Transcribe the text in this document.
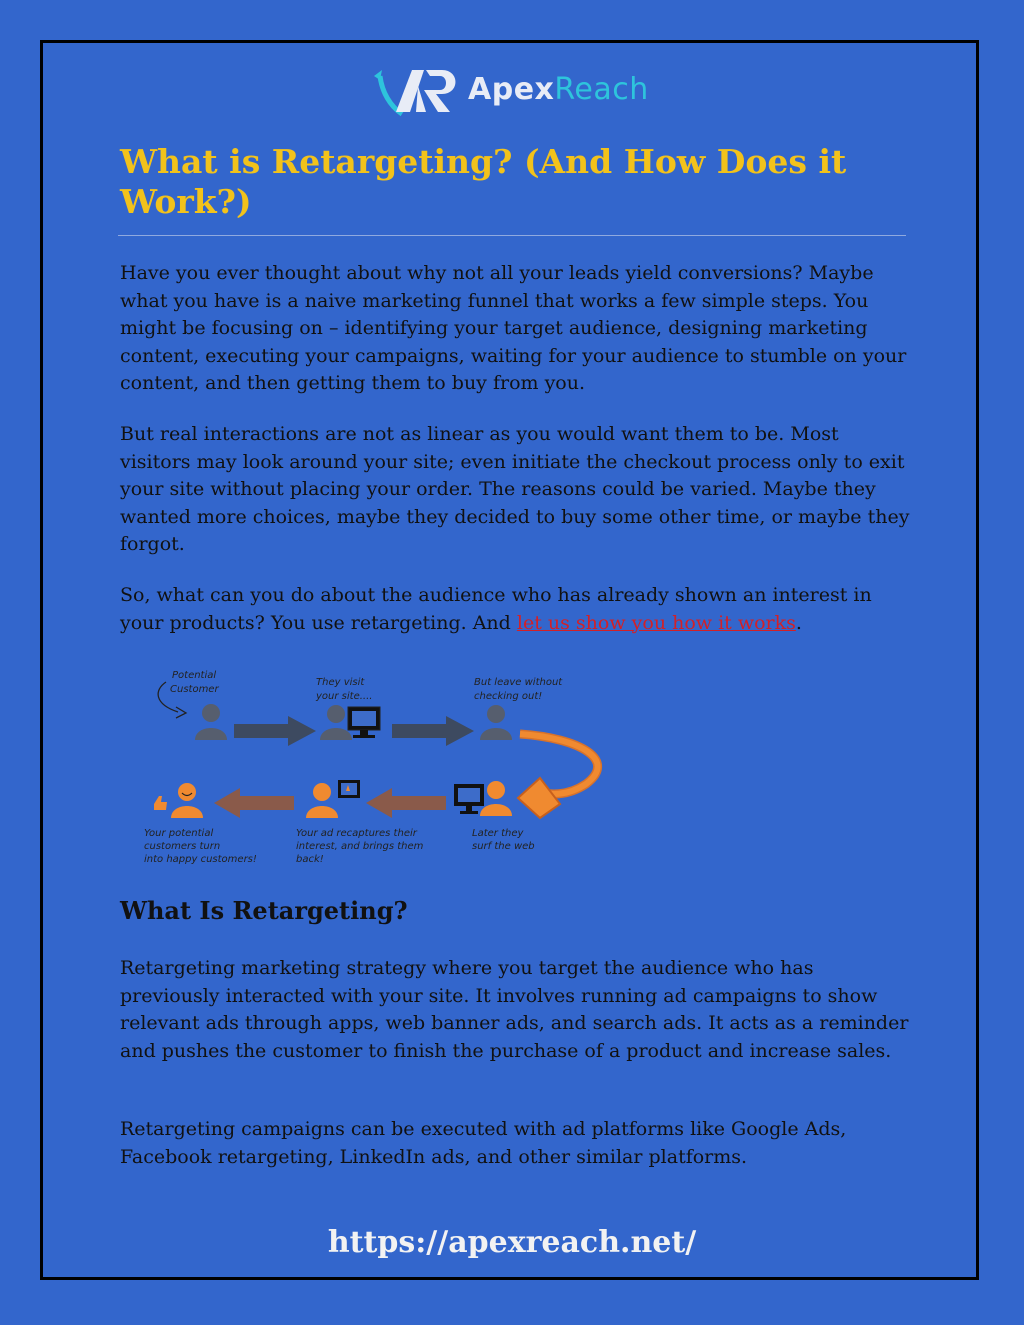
ApexReach
What is Retargeting? (And How Does it Work?)

Have you ever thought about why not all your leads yield conversions? Maybe what you have is a naive marketing funnel that works a few simple steps. You might be focusing on – identifying your target audience, designing marketing content, executing your campaigns, waiting for your audience to stumble on your content, and then getting them to buy from you.

But real interactions are not as linear as you would want them to be. Most visitors may look around your site; even initiate the checkout process only to exit your site without placing your order. The reasons could be varied. Maybe they wanted more choices, maybe they decided to buy some other time, or maybe they forgot.

So, what can you do about the audience who has already shown an interest in your products? You use retargeting. And let us show you how it works.

Potential
Customer
They visit
your site....
But leave without
checking out!
Your potential
customers turn
into happy customers!
Your ad recaptures their
interest, and brings them
back!
Later they
surf the web
What Is Retargeting?

Retargeting marketing strategy where you target the audience who has previously interacted with your site. It involves running ad campaigns to show relevant ads through apps, web banner ads, and search ads. It acts as a reminder and pushes the customer to finish the purchase of a product and increase sales.

Retargeting campaigns can be executed with ad platforms like Google Ads, Facebook retargeting, LinkedIn ads, and other similar platforms.

https://apexreach.net/
